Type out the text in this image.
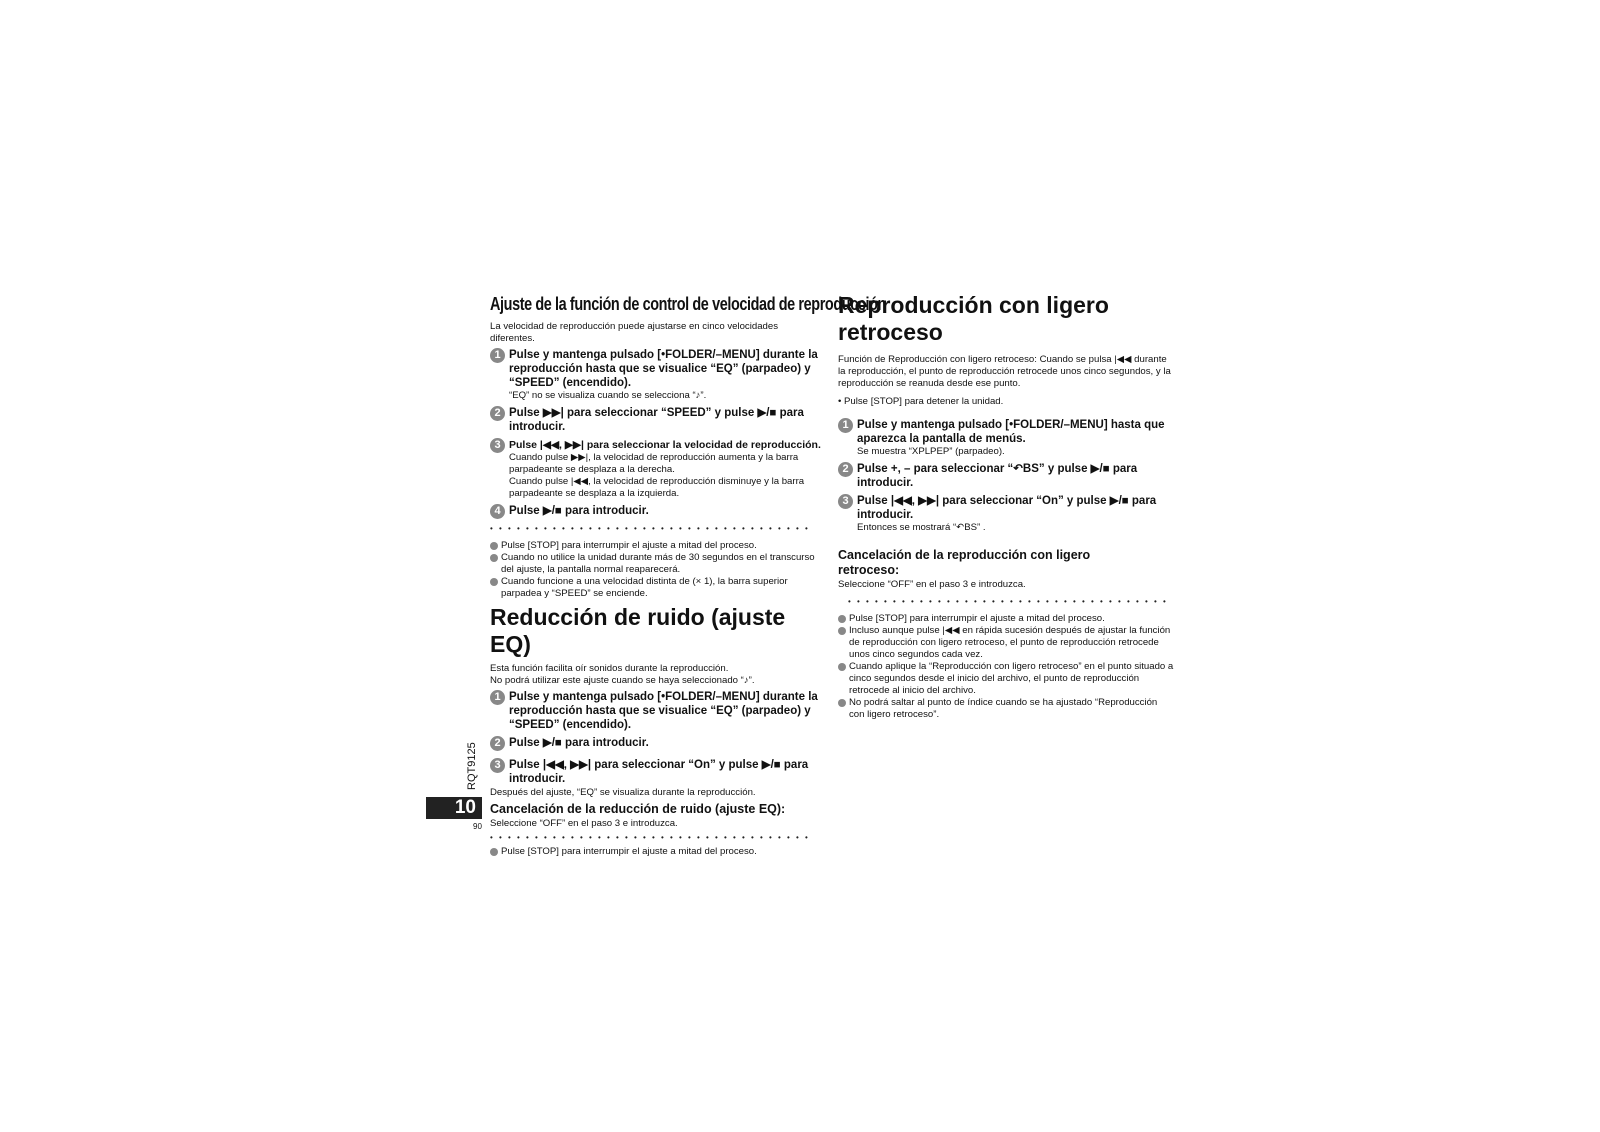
Ajuste de la función de control de velocidad de reproducción
La velocidad de reproducción puede ajustarse en cinco velocidades diferentes.
1 Pulse y mantenga pulsado [•FOLDER/–MENU] durante la reproducción hasta que se visualice “EQ” (parpadeo) y “SPEED” (encendido).
“EQ” no se visualiza cuando se selecciona “♪”.
2 Pulse ▶▶| para seleccionar “SPEED” y pulse ▶/■ para introducir.
3 Pulse |◀◀, ▶▶| para seleccionar la velocidad de reproducción.
Cuando pulse ▶▶|, la velocidad de reproducción aumenta y la barra parpadeante se desplaza a la derecha.
Cuando pulse |◀◀, la velocidad de reproducción disminuye y la barra parpadeante se desplaza a la izquierda.
4 Pulse ▶/■ para introducir.
••••••••••••••••••••••••••••••••••••
Pulse [STOP] para interrumpir el ajuste a mitad del proceso.
Cuando no utilice la unidad durante más de 30 segundos en el transcurso del ajuste, la pantalla normal reaparecerá.
Cuando funcione a una velocidad distinta de (× 1), la barra superior parpadea y “SPEED” se enciende.
Reducción de ruido (ajuste EQ)
Esta función facilita oír sonidos durante la reproducción.
No podrá utilizar este ajuste cuando se haya seleccionado “♪”.
1 Pulse y mantenga pulsado [•FOLDER/–MENU] durante la reproducción hasta que se visualice “EQ” (parpadeo) y “SPEED” (encendido).
2 Pulse ▶/■ para introducir.
3 Pulse |◀◀, ▶▶| para seleccionar “On” y pulse ▶/■ para introducir.
Después del ajuste, “EQ” se visualiza durante la reproducción.
Cancelación de la reducción de ruido (ajuste EQ):
Seleccione “OFF” en el paso 3 e introduzca.
••••••••••••••••••••••••••••••••••••
Pulse [STOP] para interrumpir el ajuste a mitad del proceso.
Reproducción con ligero retroceso
Función de Reproducción con ligero retroceso: Cuando se pulsa |◀◀ durante la reproducción, el punto de reproducción retrocede unos cinco segundos, y la reproducción se reanuda desde ese punto.
• Pulse [STOP] para detener la unidad.
1 Pulse y mantenga pulsado [•FOLDER/–MENU] hasta que aparezca la pantalla de menús.
Se muestra “XPLPEP” (parpadeo).
2 Pulse +, – para seleccionar “↶BS” y pulse ▶/■ para introducir.
3 Pulse |◀◀, ▶▶| para seleccionar “On” y pulse ▶/■ para introducir.
Entonces se mostrará “↶BS” .
Cancelación de la reproducción con ligero retroceso:
Seleccione “OFF” en el paso 3 e introduzca.
••••••••••••••••••••••••••••••••••••
Pulse [STOP] para interrumpir el ajuste a mitad del proceso.
Incluso aunque pulse |◀◀ en rápida sucesión después de ajustar la función de reproducción con ligero retroceso, el punto de reproducción retrocede unos cinco segundos cada vez.
Cuando aplique la “Reproducción con ligero retroceso” en el punto situado a cinco segundos desde el inicio del archivo, el punto de reproducción retrocede al inicio del archivo.
No podrá saltar al punto de índice cuando se ha ajustado “Reproducción con ligero retroceso”.
RQT9125
10
90
